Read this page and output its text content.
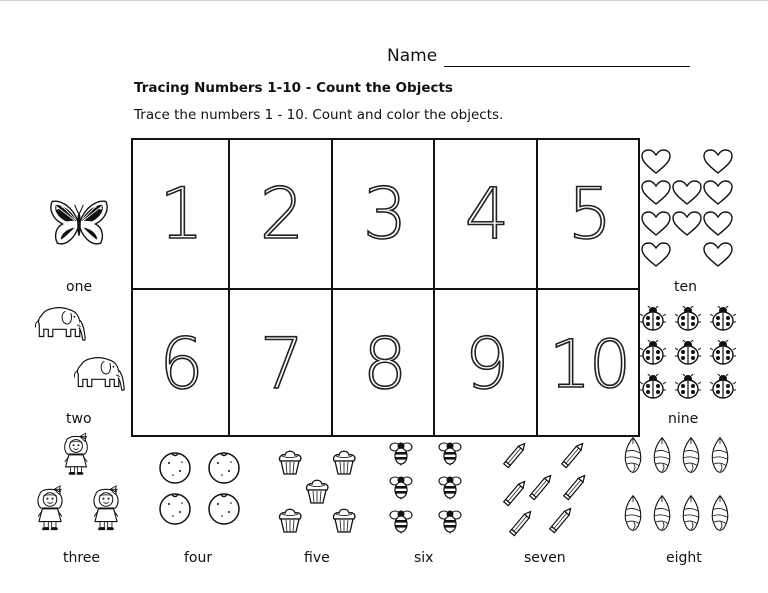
Name
Tracing Numbers 1-10 - Count the Objects
Trace the numbers 1 - 10. Count and color the objects.
1 2 3 4 5
6 7 8 9 10
one
two
three	four	five	six	seven	eight
nine
ten
